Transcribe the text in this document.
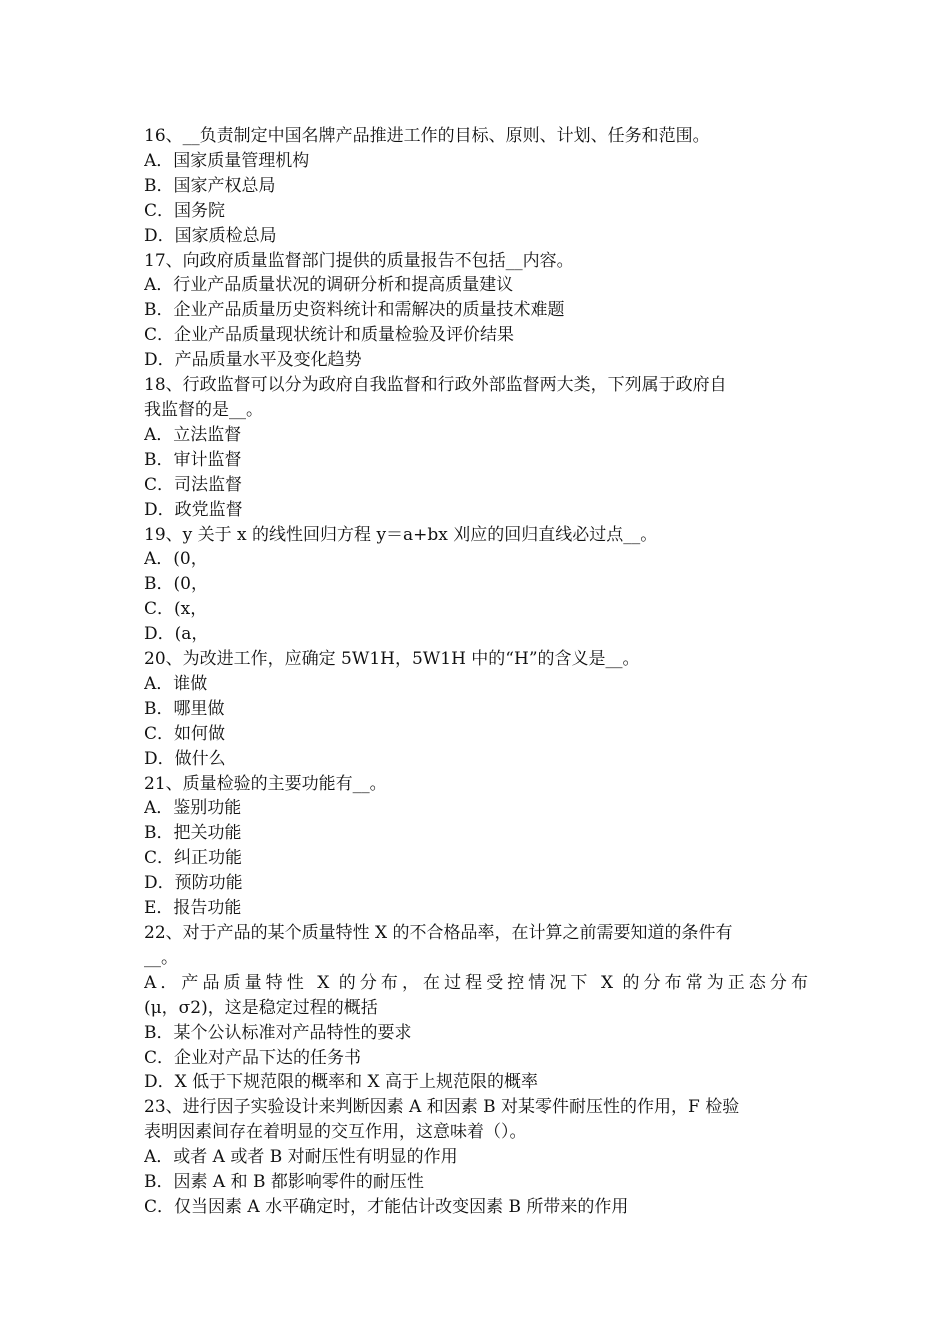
16、__负责制定中国名牌产品推进工作的目标、原则、计划、任务和范围。
A．国家质量管理机构
B．国家产权总局
C．国务院
D．国家质检总局
17、向政府质量监督部门提供的质量报告不包括__内容。
A．行业产品质量状况的调研分析和提高质量建议
B．企业产品质量历史资料统计和需解决的质量技术难题
C．企业产品质量现状统计和质量检验及评价结果
D．产品质量水平及变化趋势
18、行政监督可以分为政府自我监督和行政外部监督两大类，下列属于政府自
我监督的是__。
A．立法监督
B．审计监督
C．司法监督
D．政党监督
19、y 关于 x 的线性回归方程 y＝a+bx 刈应的回归直线必过点__。
A．(0，
B．(0，
C．(x，
D．(a，
20、为改进工作，应确定 5W1H，5W1H 中的“H”的含义是__。
A．谁做
B．哪里做
C．如何做
D．做什么
21、质量检验的主要功能有__。
A．鉴别功能
B．把关功能
C．纠正功能
D．预防功能
E．报告功能
22、对于产品的某个质量特性 X 的不合格品率，在计算之前需要知道的条件有
__。
A．产品质量特性 X 的分布，在过程受控情况下 X 的分布常为正态分布
(μ，σ2)，这是稳定过程的概括
B．某个公认标准对产品特性的要求
C．企业对产品下达的任务书
D．X 低于下规范限的概率和 X 高于上规范限的概率
23、进行因子实验设计来判断因素 A 和因素 B 对某零件耐压性的作用，F 检验
表明因素间存在着明显的交互作用，这意味着（）。
A．或者 A 或者 B 对耐压性有明显的作用
B．因素 A 和 B 都影响零件的耐压性
C．仅当因素 A 水平确定时，才能估计改变因素 B 所带来的作用
